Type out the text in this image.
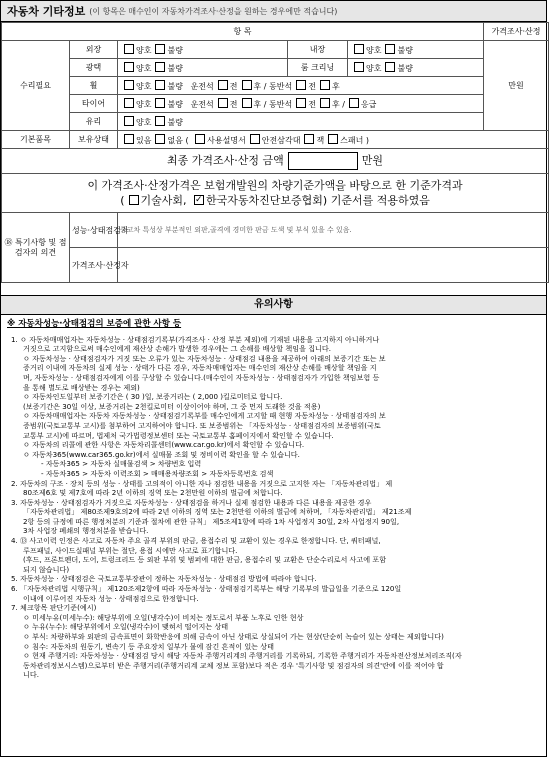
자동차 기타정보 (이 항목은 매수인이 자동차가격조사·산정을 원하는 경우에만 적습니다)
항 목					가격조사·산정
수리필요	외장	양호 불량	내장	양호 불량	만원
	광택	양호 불량	룸 크리닝	양호 불량	
	휠	양호 불량 운전석 전 후 / 동반석 전 후			
	타이어	양호 불량 운전석 전 후 / 동반석 전 후 / 응급			
	유리	양호 불량			
기본품목	보유상태	있음 없음 ( 사용설명서 안전삼각대 잭 스패너 )			
최종 가격조사·산정 금액 만원					
이 가격조사·산정가격은 보험개발원의 차량기준가액을 바탕으로 한 기준가격과
( 기술사회, ✓ 한국자동차진단보증협회) 기준서를 적용하였음
⑱ 특기사항 및 점검자의 의견	성능·상태점검자	중고차 특성상 부분적인 외판,골격에 경미한 판금 도색 및 부식 있을 수 있음.			
	가격조사·산정자				
유의사항
※ 자동차성능·상태점검의 보증에 관한 사항 등

1. ㅇ 자동차매매업자는 자동차성능 · 상태점검기록부(가격조사 · 산정 부분 제외)에 기재된 내용을 고지하지 아니하거나

거짓으로 고지함으로써 매수인에게 재산상 손해가 발생한 경우에는 그 손해를 배상할 책임을 집니다.

ㅇ 자동차성능 · 상태점검자가 거짓 또는 오류가 있는 자동차성능 · 상태점검 내용을 제공하여 아래의 보증기간 또는 보

증거리 이내에 자동차의 실제 성능 · 상태가 다른 경우, 자동차매매업자는 매수인의 재산상 손해를 배상할 책임을 지

며, 자동차성능 · 상태점검자에게 이를 구상할 수 있습니다.(매수인이 자동차성능 · 상태점검자가 가입한 책임보험 등

을 통해 별도로 배상받는 경우는 제외)

ㅇ 자동차인도일부터 보증기간은 ( 30 )일, 보증거리는 ( 2,000 )킬로미터로 합니다.

(보증기간은 30일 이상, 보증거리는 2천킬로미터 이상이어야 하며, 그 중 먼저 도래한 것을 적용)

ㅇ 자동차매매업자는 자동차 자동차성능 · 상태점검기록부를 매수인에게 고지할 때 현행 자동차성능 · 상태점검자의 보

증범위(국토교통부 고시)를 첨부하여 고지하여야 합니다. 또 보증범위는 「자동차성능 · 상태점검자의 보증범위(국토

교통부 고시)에 따르며, 법제처 국가법령정보센터 또는 국토교통부 홈페이지에서 확인할 수 있습니다.

ㅇ 자동차의 리콜에 관한 사항은 자동차리콜센터(www.car.go.kr)에서 확인할 수 있습니다.

ㅇ 자동차365(www.car365.go.kr)에서 실매물 조회 및 정비이력 확인을 할 수 있습니다.

- 자동차365 > 자동차 실매물검색 > 차량번호 입력

- 자동차365 > 자동차 이력조회 > 매매용차량조회 > 자동차등록번호 검색

2. 자동차의 구조 · 장치 등의 성능 · 상태를 고의적이 아니한 자나 점검한 내용을 거짓으로 고지한 자는 「자동차관리법」 제

80조제6호 및 제7호에 따라 2년 이하의 징역 또는 2천만원 이하의 벌금에 처합니다.

3. 자동차성능 · 상태점검자가 거짓으로 자동차성능 · 상태점검을 하거나 실제 점검한 내용과 다른 내용을 제공한 경우

「자동차관리법」 제80조제9호의2에 따라 2년 이하의 징역 또는 2천만원 이하의 벌금에 처하며, 「자동차관리법」 제21조제

2항 등의 규정에 따른 행정처분의 기준과 절차에 관한 규칙」 제5조제1항에 따라 1차 사업정지 30일, 2차 사업정지 90일,

3차 사업장 폐쇄의 행정처분을 받습니다.

4. ⑬ 사고이력 인정은 사고로 자동차 주요 골격 부위의 판금, 용접수리 및 교환이 있는 경우로 한정합니다. 단, 쿼터패널,

루프패널, 사이드실패널 부위는 절단, 용접 시에만 사고로 표기합니다.

(후드, 프론트펜더, 도어, 트렁크리드 등 외판 부위 및 범퍼에 대한 판금, 용접수리 및 교환은 단순수리로서 사고에 포함

되지 않습니다)

5. 자동차성능 · 상태점검은 국토교통부장관이 정하는 자동차성능 · 상태점검 방법에 따라야 합니다.

6. 「자동차관리법 시행규칙」 제120조제2항에 따라 자동차성능 · 상태점검기록부는 해당 기록부의 발급일을 기준으로 120일

이내에 이루어진 자동차 성능 · 상태점검으로 한정합니다.

7. 체크항목 판단기준(예시)

ㅇ 미세누유(미세누수): 해당부위에 오일(냉각수)이 비치는 정도로서 부품 노후로 인한 현상

ㅇ 누유(누수): 해당부위에서 오일(냉각수)이 맺혀서 떨어지는 상태

ㅇ 부식: 차량하부와 외판의 금속표면이 화학반응에 의해 금속이 아닌 상태로 상실되어 가는 현상(단순히 녹슬어 있는 상태는 제외합니다)

ㅇ 침수: 자동차의 원동기, 변속기 등 주요장치 일부가 물에 잠긴 흔적이 있는 상태

ㅇ 현재 주행거리: 자동차성능 · 상태점검 당시 해당 자동차 주행거리계의 주행거리를 기록하되, 기록한 주행거리가 자동차전산정보처리조직(자

동차관리정보시스템)으로부터 받은 주행거리(주행거리계 교체 정보 포함)보다 적은 경우 '특기사항 및 점검자의 의견'란에 이를 적어야 합

니다.
